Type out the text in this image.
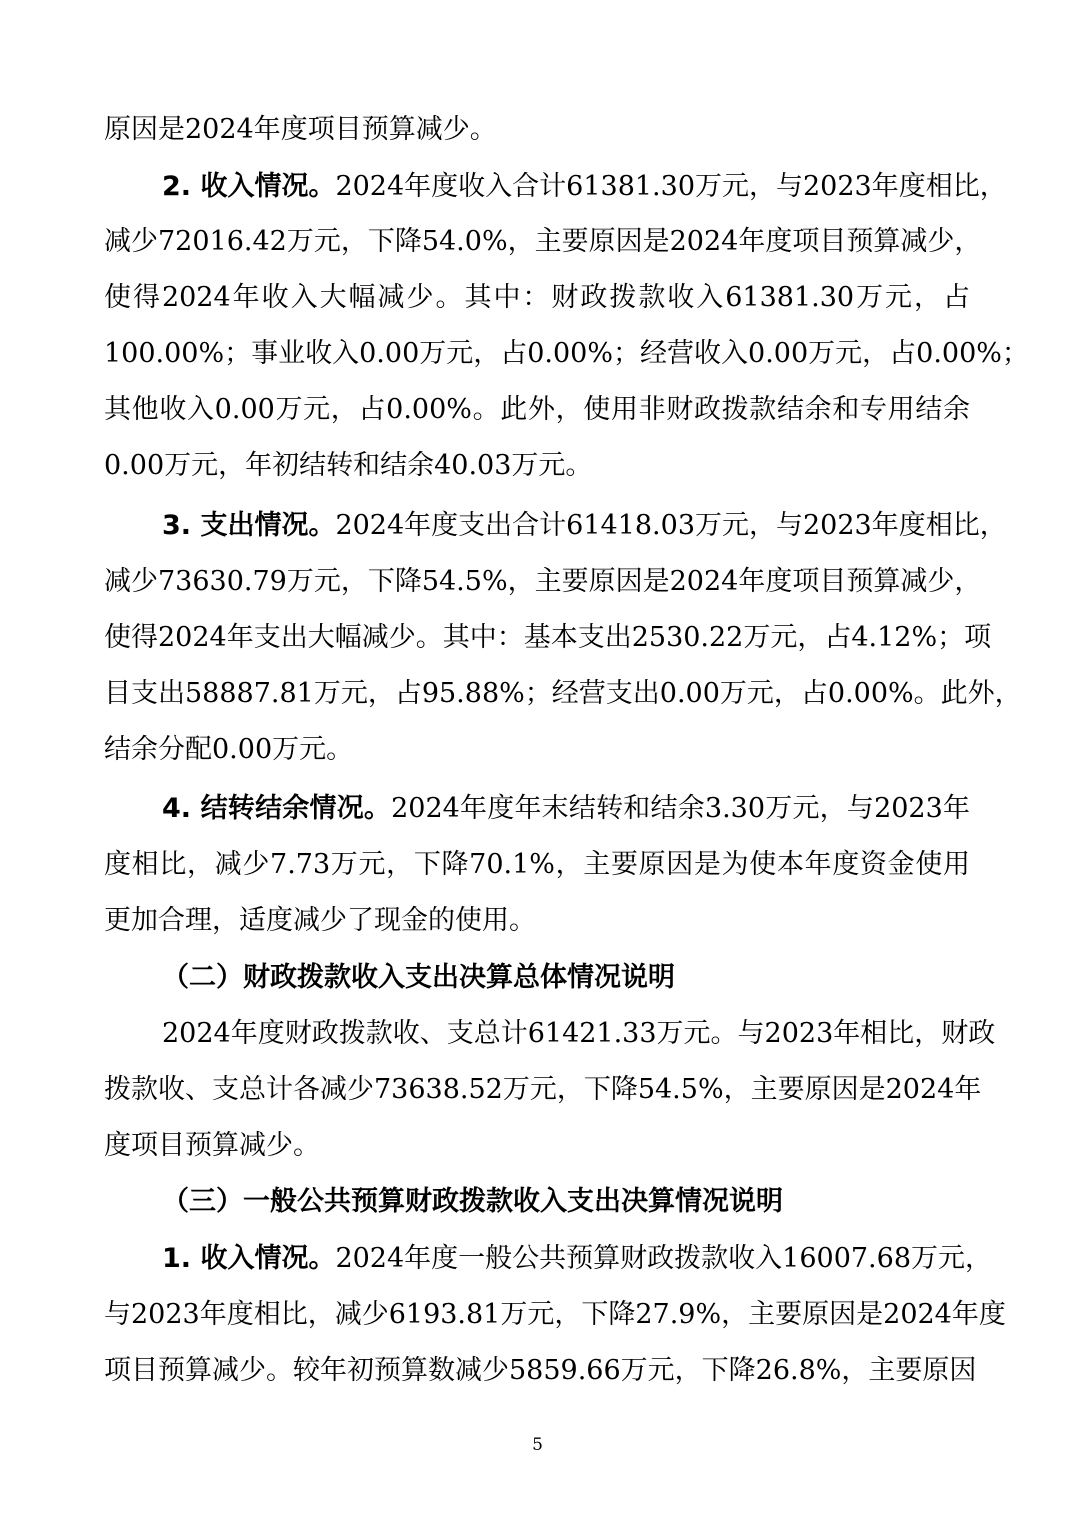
原因是2024年度项目预算减少。
2. 收入情况。2024年度收入合计61381.30万元，与2023年度相比，
减少72016.42万元，下降54.0%，主要原因是2024年度项目预算减少，
使得2024年收入大幅减少。其中：财政拨款收入61381.30万元，占
100.00%；事业收入0.00万元，占0.00%；经营收入0.00万元，占0.00%；
其他收入0.00万元，占0.00%。此外，使用非财政拨款结余和专用结余
0.00万元，年初结转和结余40.03万元。
3. 支出情况。2024年度支出合计61418.03万元，与2023年度相比，
减少73630.79万元，下降54.5%，主要原因是2024年度项目预算减少，
使得2024年支出大幅减少。其中：基本支出2530.22万元，占4.12%；项
目支出58887.81万元，占95.88%；经营支出0.00万元，占0.00%。此外，
结余分配0.00万元。
4. 结转结余情况。2024年度年末结转和结余3.30万元，与2023年
度相比，减少7.73万元，下降70.1%，主要原因是为使本年度资金使用
更加合理，适度减少了现金的使用。
（二）财政拨款收入支出决算总体情况说明
2024年度财政拨款收、支总计61421.33万元。与2023年相比，财政
拨款收、支总计各减少73638.52万元，下降54.5%，主要原因是2024年
度项目预算减少。
（三）一般公共预算财政拨款收入支出决算情况说明
1. 收入情况。2024年度一般公共预算财政拨款收入16007.68万元，
与2023年度相比，减少6193.81万元，下降27.9%，主要原因是2024年度
项目预算减少。较年初预算数减少5859.66万元，下降26.8%，主要原因
5
